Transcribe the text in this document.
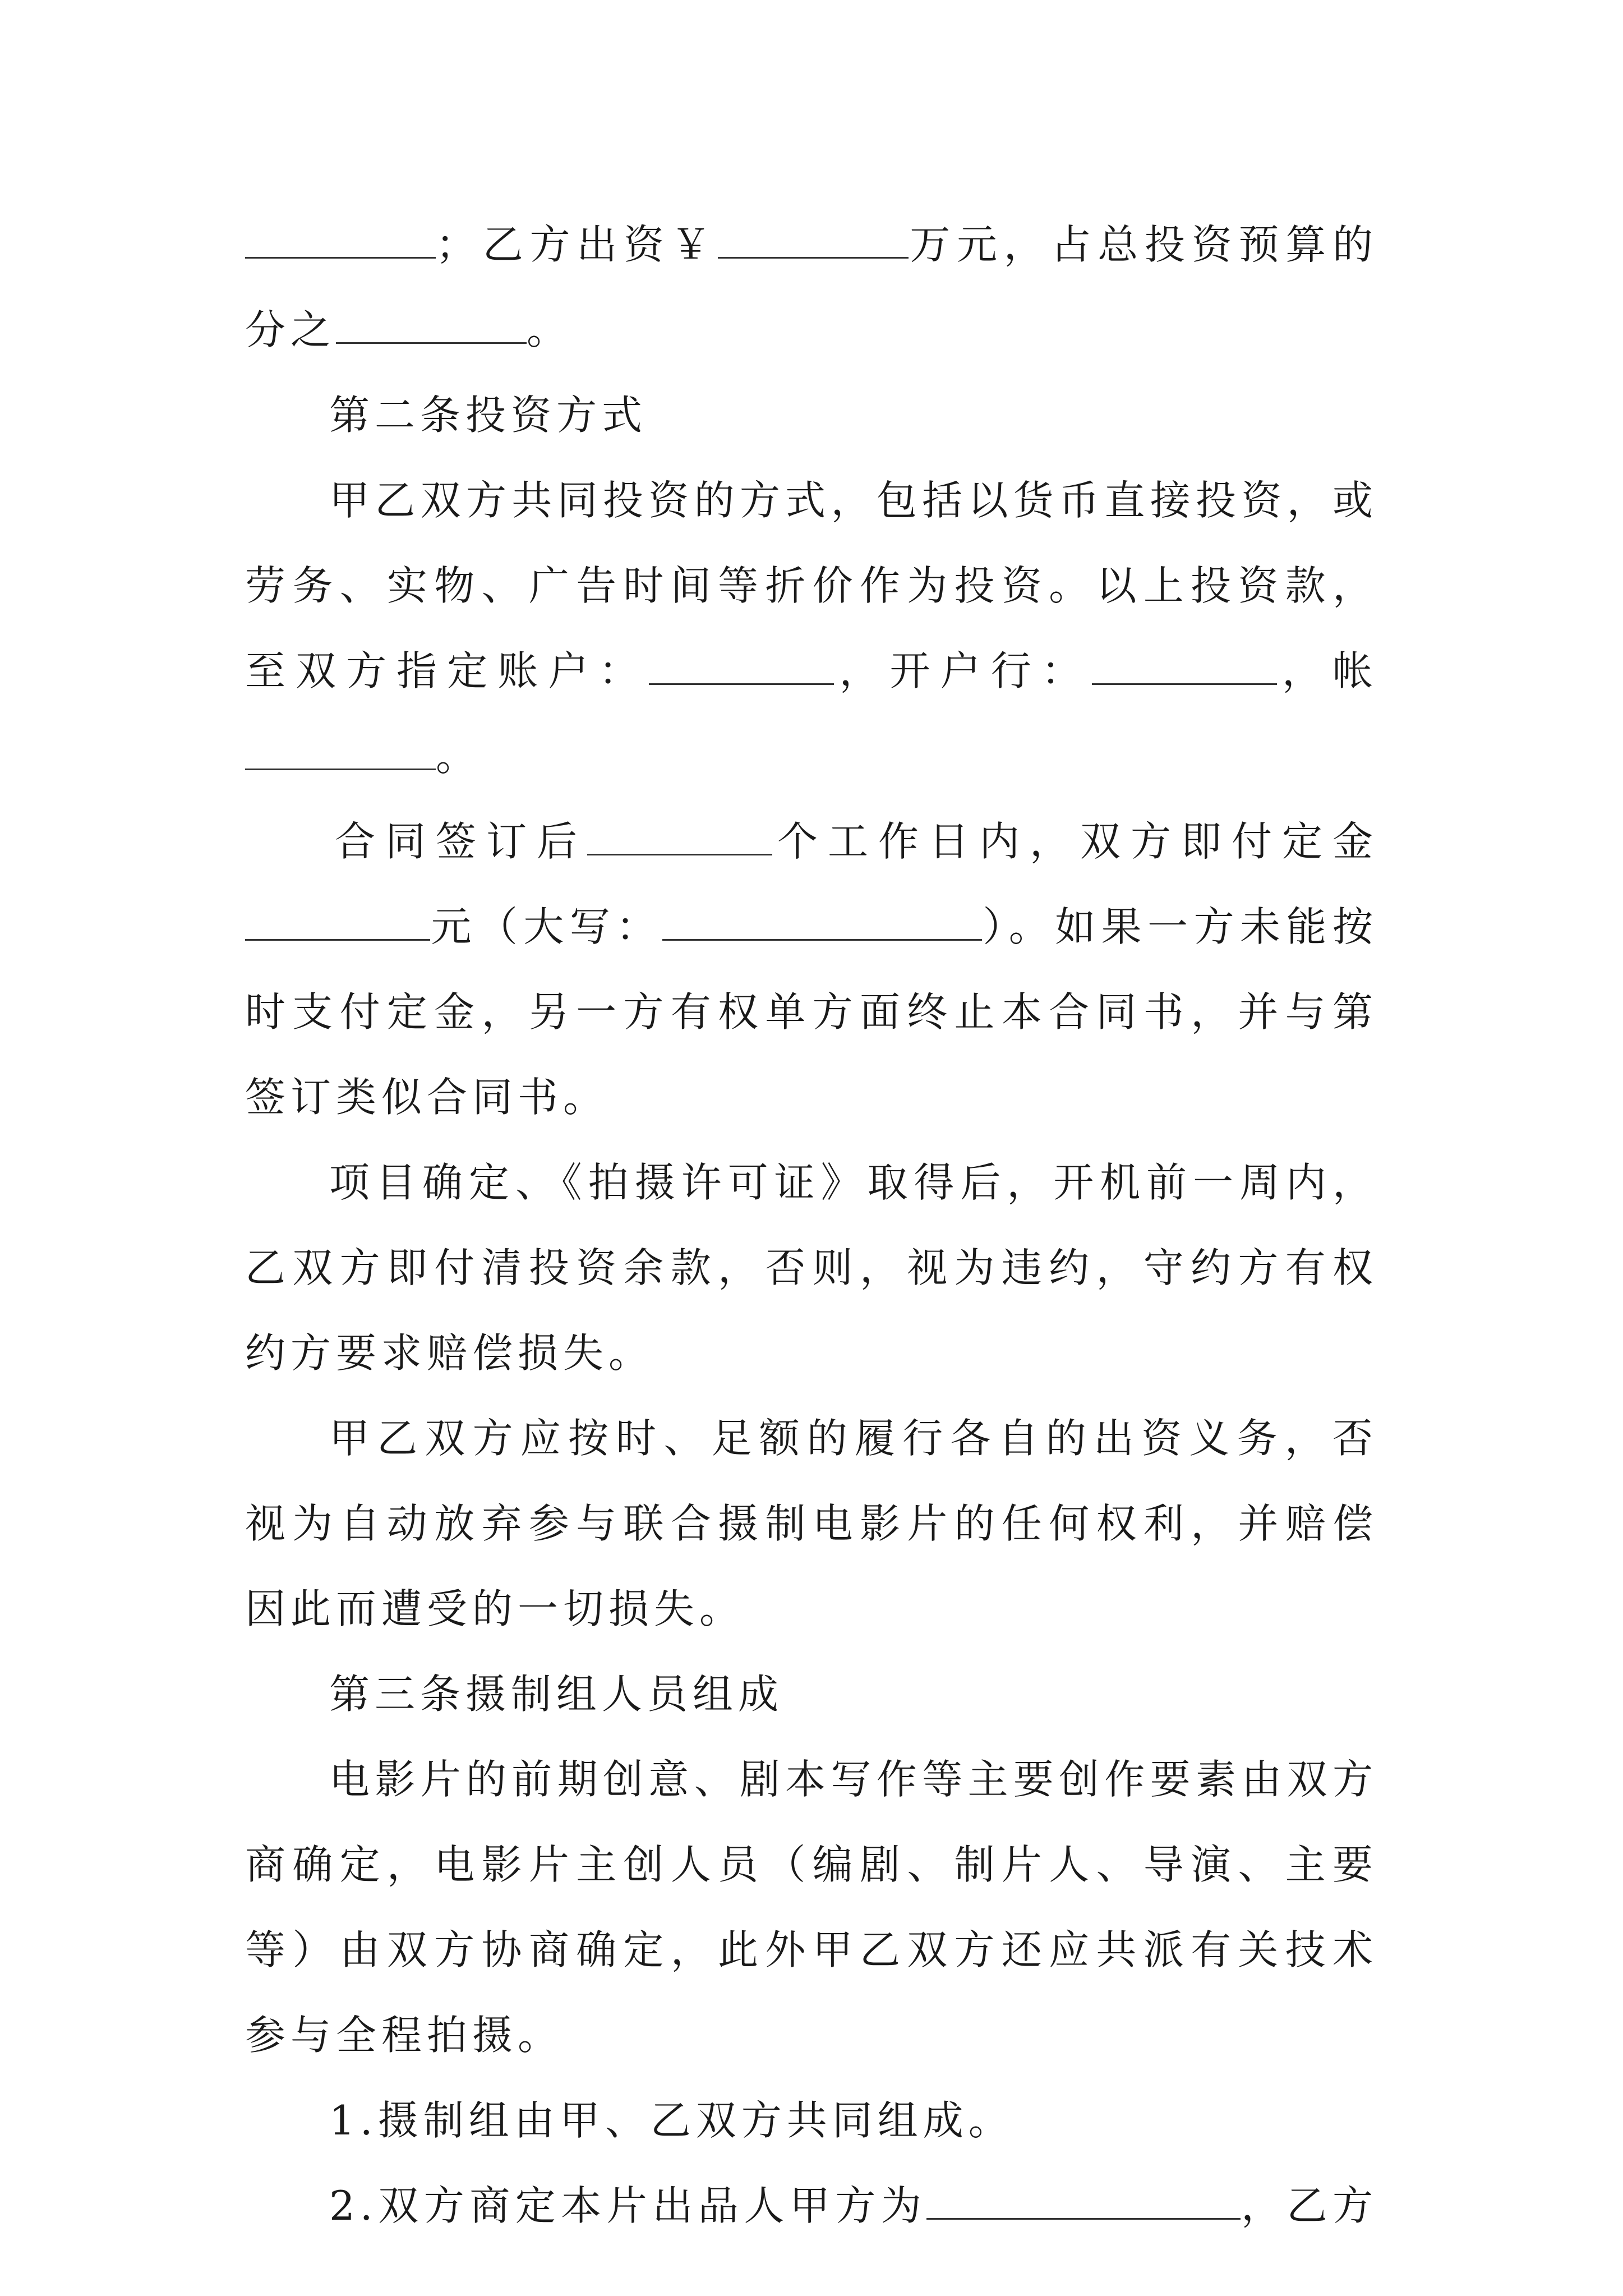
；乙方出资￥	万元，占总投资预算的
分之	。
第二条投资方式
甲乙双方共同投资的方式，包括以货币直接投资，或
劳务、实物、广告时间等折价作为投资。以上投资款，
至双方指定账户：	，开户行：	，帐
。
合同签订后	个工作日内，双方即付定金
元（大写：	）。如果一方未能按
时支付定金，另一方有权单方面终止本合同书，并与第
签订类似合同书。
项目确定、《拍摄许可证》取得后，开机前一周内，
乙双方即付清投资余款，否则，视为违约，守约方有权
约方要求赔偿损失。
甲乙双方应按时、足额的履行各自的出资义务，否
视为自动放弃参与联合摄制电影片的任何权利，并赔偿
因此而遭受的一切损失。
第三条摄制组人员组成
电影片的前期创意、剧本写作等主要创作要素由双方
商确定，电影片主创人员（编剧、制片人、导演、主要
等）由双方协商确定，此外甲乙双方还应共派有关技术
参与全程拍摄。
1.摄制组由甲、乙双方共同组成。
2.双方商定本片出品人甲方为	，乙方
